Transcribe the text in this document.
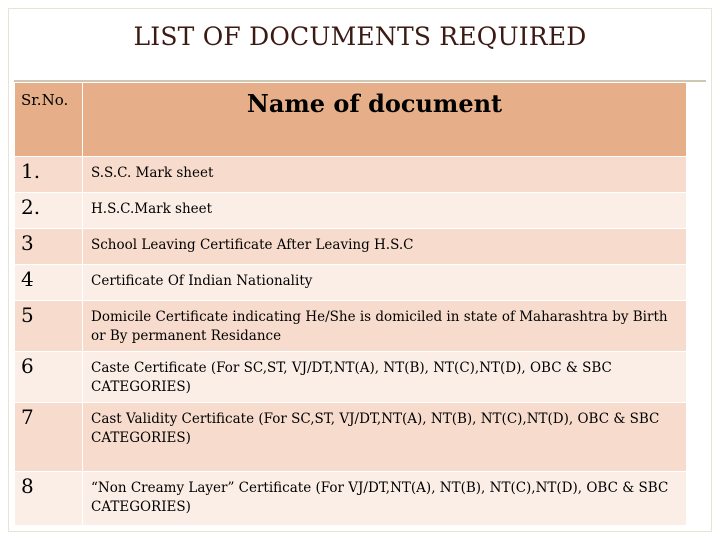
LIST OF DOCUMENTS REQUIRED
Sr.No.	Name of document
1.	S.S.C. Mark sheet
2.	H.S.C.Mark sheet
3	School Leaving Certificate After Leaving H.S.C
4	Certificate Of Indian Nationality
5	Domicile Certificate indicating He/She is domiciled in state of Maharashtra by Birth or By permanent Residance
6	Caste Certificate (For SC,ST, VJ/DT,NT(A), NT(B), NT(C),NT(D), OBC & SBC CATEGORIES)
7	Cast Validity Certificate (For SC,ST, VJ/DT,NT(A), NT(B), NT(C),NT(D), OBC & SBC CATEGORIES)
8	“Non Creamy Layer” Certificate (For VJ/DT,NT(A), NT(B), NT(C),NT(D), OBC & SBC CATEGORIES)
